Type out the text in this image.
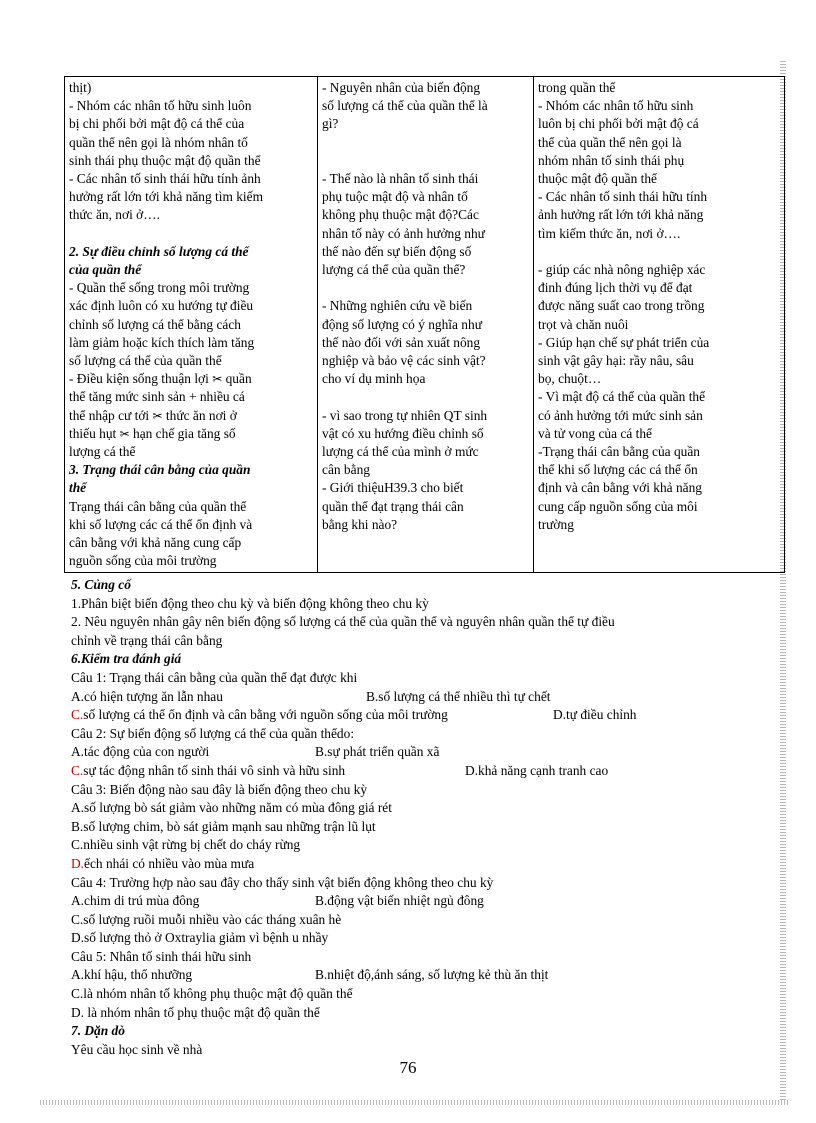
thịt)
- Nhóm các nhân tố hữu sinh luôn
bị chi phối bởi mật độ cá thể của
quần thể nên gọi là nhóm nhân tố
sinh thái phụ thuộc mật độ quần thể
- Các nhân tố sinh thái hữu tính ảnh
hưởng rất lớn tới khả năng tìm kiếm
thức ăn, nơi ở….
2. Sự điều chỉnh số lượng cá thể
của quần thể
- Quần thể sống trong môi trường
xác định luôn có xu hướng tự điều
chỉnh số lượng cá thể bằng cách
làm giảm hoặc kích thích làm tăng
số lượng cá thể của quần thể
- Điều kiện sống thuận lợi ✂ quần
thể tăng mức sinh sản + nhiều cá
thể nhập cư tới ✂ thức ăn nơi ở
thiếu hụt ✂ hạn chế gia tăng số
lượng cá thể
3. Trạng thái cân bằng của quần
thể
Trạng thái cân bằng của quần thể
khi số lượng các cá thể ổn định và
cân bằng với khả năng cung cấp
nguồn sống của môi trường

- Nguyên nhân của biến động
số lượng cá thể của quần thể là
gì?
- Thế nào là nhân tố sinh thái
phụ tuộc mật độ và nhân tố
không phụ thuộc mật độ?Các
nhân tố này có ảnh hưởng như
thế nào đến sự biến động số
lượng cá thể của quần thể?
- Những nghiên cứu về biến
động số lượng có ý nghĩa như
thế nào đối với sản xuất nông
nghiệp và bảo vệ các sinh vật?
cho ví dụ minh họa
- vì sao trong tự nhiên QT sinh
vật có xu hướng điều chỉnh số
lượng cá thể của mình ở mức
cân bằng
- Giới thiệuH39.3 cho biết
quần thể đạt trạng thái cân
bằng khi nào?

trong quần thể
- Nhóm các nhân tố hữu sinh
luôn bị chi phối bởi mật độ cá
thể của quần thể nên gọi là
nhóm nhân tố sinh thái phụ
thuộc mật độ quần thể
- Các nhân tố sinh thái hữu tính
ảnh hưởng rất lớn tới khả năng
tìm kiếm thức ăn, nơi ở….
- giúp các nhà nông nghiệp xác
đinh đúng lịch thời vụ để đạt
được năng suất cao trong trồng
trọt và chăn nuôi
- Giúp hạn chế sự phát triển của
sinh vật gây hại: rầy nâu, sâu
bọ, chuột…
- Vì mật độ cá thể của quần thể
có ảnh hưởng tới mức sinh sản
và tử vong của cá thể
-Trạng thái cân bằng của quần
thể khi số lượng các cá thể ổn
định và cân bằng với khả năng
cung cấp nguồn sống của môi
trường
5. Củng cố
1.Phân biệt biến động theo chu kỳ và biến động không theo chu kỳ
2. Nêu nguyên nhân gây nên biến động số lượng cá thể của quần thể và nguyên nhân quần thể tự điều
chỉnh về trạng thái cân bằng
6.Kiểm tra đánh giá
Câu 1: Trạng thái cân bằng của quần thể đạt được khi
A.có hiện tượng ăn lẫn nhau	B.số lượng cá thể nhiều thì tự chết
C.số lượng cá thể ổn định và cân bằng với nguồn sống của môi trường	D.tự điều chỉnh
Câu 2: Sự biến động số lượng cá thể của quần thểdo:
A.tác động của con người	B.sự phát triển quần xã
C.sự tác động nhân tố sinh thái vô sinh và hữu sinh	D.khả năng cạnh tranh cao
Câu 3: Biến động nào sau đây là biến động theo chu kỳ
A.số lượng bò sát giảm vào những năm có mùa đông giá rét
B.số lượng chim, bò sát giảm mạnh sau những trận lũ lụt
C.nhiều sinh vật rừng bị chết do cháy rừng
D.ếch nhái có nhiều vào mùa mưa
Câu 4: Trường hợp nào sau đây cho thấy sinh vật biến động không theo chu kỳ
A.chim di trú mùa đông	B.động vật biến nhiệt ngủ đông
C.số lượng ruồi muỗi nhiều vào các tháng xuân hè
D.số lượng thỏ ở Oxtraylia giảm vì bệnh u nhầy
Câu 5: Nhân tố sinh thái hữu sinh
A.khí hậu, thổ nhưỡng	B.nhiệt độ,ánh sáng, số lượng kẻ thù ăn thịt
C.là nhóm nhân tố không phụ thuộc mật độ quần thể
D. là nhóm nhân tố phụ thuộc mật độ quần thể
7. Dặn dò
Yêu cầu học sinh về nhà
76
